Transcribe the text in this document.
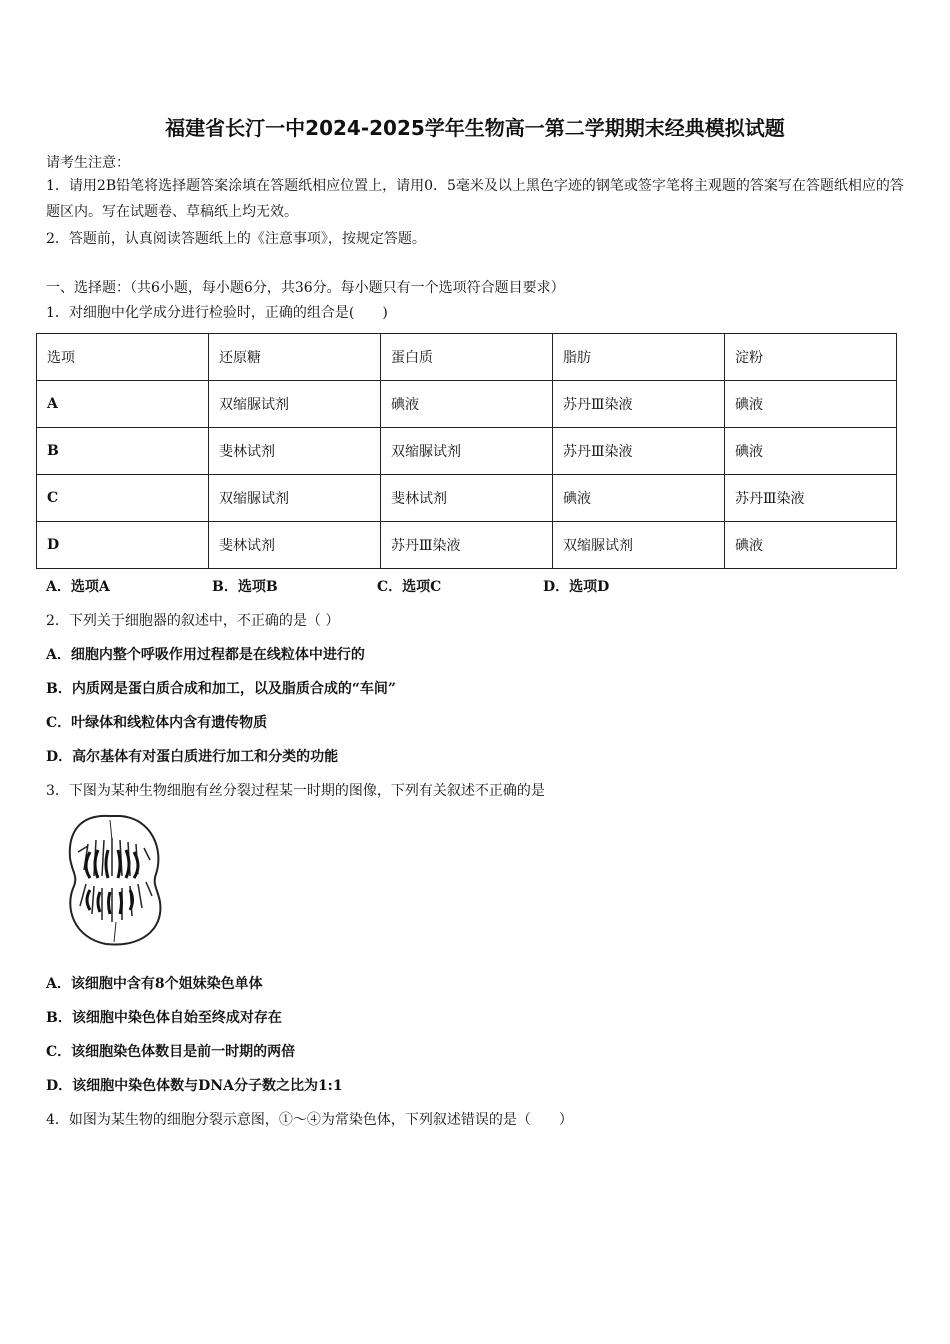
福建省长汀一中2024-2025学年生物高一第二学期期末经典模拟试题
请考生注意：
1．请用2B铅笔将选择题答案涂填在答题纸相应位置上，请用0．5毫米及以上黑色字迹的钢笔或签字笔将主观题的答案写在答题纸相应的答题区内。写在试题卷、草稿纸上均无效。
2．答题前，认真阅读答题纸上的《注意事项》，按规定答题。
一、选择题：（共6小题，每小题6分，共36分。每小题只有一个选项符合题目要求）
1．对细胞中化学成分进行检验时，正确的组合是(　　)
选项	还原糖	蛋白质	脂肪	淀粉
A	双缩脲试剂	碘液	苏丹Ⅲ染液	碘液
B	斐林试剂	双缩脲试剂	苏丹Ⅲ染液	碘液
C	双缩脲试剂	斐林试剂	碘液	苏丹Ⅲ染液
D	斐林试剂	苏丹Ⅲ染液	双缩脲试剂	碘液
A．选项A	B．选项B	C．选项C	D．选项D
2．下列关于细胞器的叙述中，不正确的是（ ）
A．细胞内整个呼吸作用过程都是在线粒体中进行的
B．内质网是蛋白质合成和加工，以及脂质合成的“车间”
C．叶绿体和线粒体内含有遗传物质
D．高尔基体有对蛋白质进行加工和分类的功能
3．下图为某种生物细胞有丝分裂过程某一时期的图像，下列有关叙述不正确的是
A．该细胞中含有8个姐妹染色单体
B．该细胞中染色体自始至终成对存在
C．该细胞染色体数目是前一时期的两倍
D．该细胞中染色体数与DNA分子数之比为1:1
4．如图为某生物的细胞分裂示意图，①～④为常染色体，下列叙述错误的是（　　）
